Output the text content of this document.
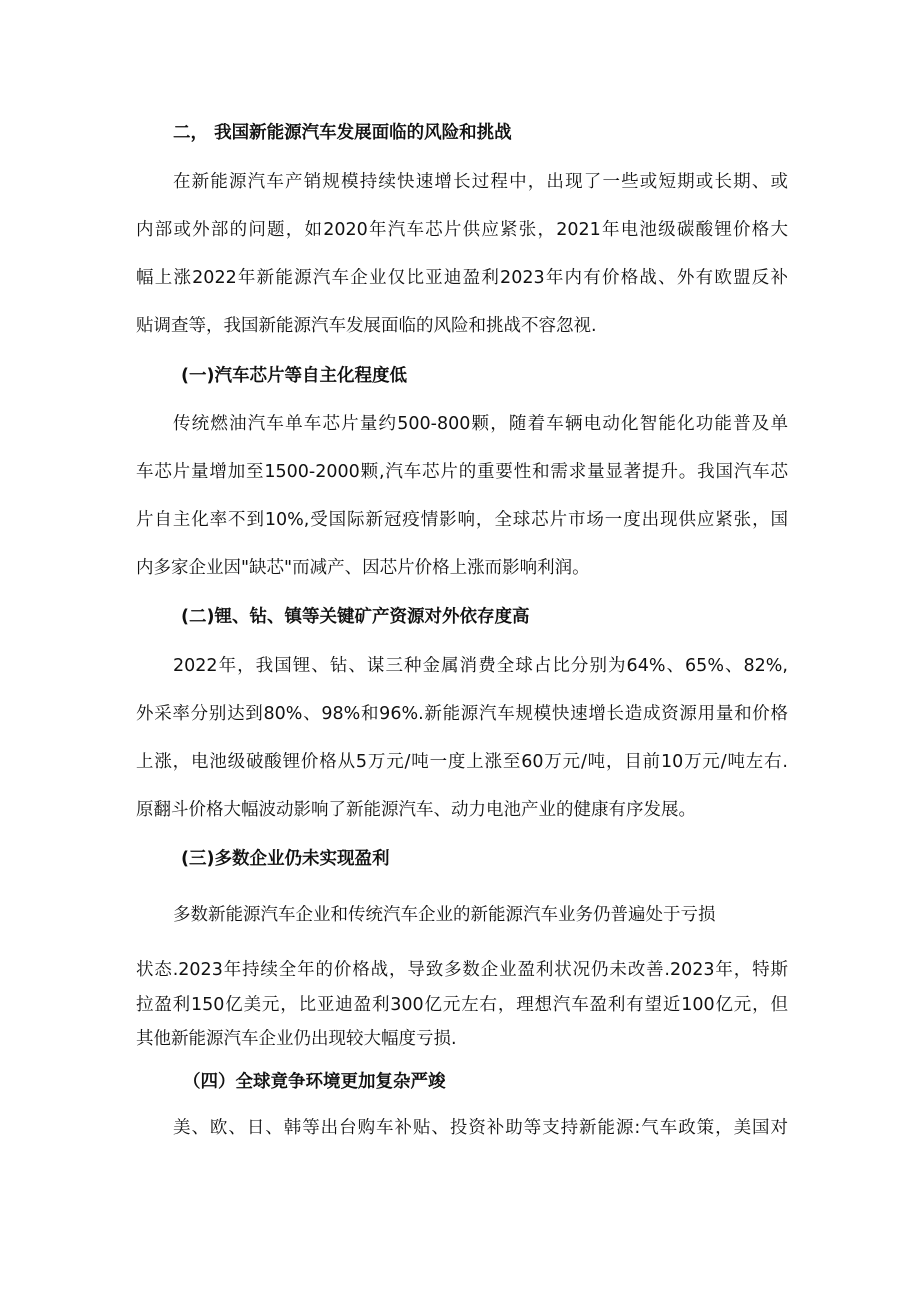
二， 我国新能源汽车发展面临的风险和挑战
在新能源汽车产销规模持续快速增长过程中，出现了一些或短期或长期、或
内部或外部的问题，如2020年汽车芯片供应紧张，2021年电池级碳酸锂价格大
幅上涨2022年新能源汽车企业仅比亚迪盈利2023年内有价格战、外有欧盟反补
贴调查等，我国新能源汽车发展面临的风险和挑战不容忽视.
(一)汽车芯片等自主化程度低
传统燃油汽车单车芯片量约500-800颗，随着车辆电动化智能化功能普及单
车芯片量增加至1500-2000颗,汽车芯片的重要性和需求量显著提升。我国汽车芯
片自主化率不到10%,受国际新冠疫情影响，全球芯片市场一度出现供应紧张，国
内多家企业因"缺芯"而减产、因芯片价格上涨而影响利润。
(二)锂、钻、镇等关键矿产资源对外依存度高
2022年，我国锂、钻、谋三种金属消费全球占比分别为64%、65%、82%,
外采率分别达到80%、98%和96%.新能源汽车规模快速增长造成资源用量和价格
上涨，电池级破酸锂价格从5万元/吨一度上涨至60万元/吨，目前10万元/吨左右.
原翻斗价格大幅波动影响了新能源汽车、动力电池产业的健康有序发展。
(三)多数企业仍未实现盈利
多数新能源汽车企业和传统汽车企业的新能源汽车业务仍普遍处于亏损
状态.2023年持续全年的价格战，导致多数企业盈利状况仍未改善.2023年，特斯
拉盈利150亿美元，比亚迪盈利300亿元左右，理想汽车盈利有望近100亿元，但
其他新能源汽车企业仍出现较大幅度亏损.
（四）全球竟争环境更加复杂严竣
美、欧、日、韩等出台购车补贴、投资补助等支持新能源:气车政策，美国对
